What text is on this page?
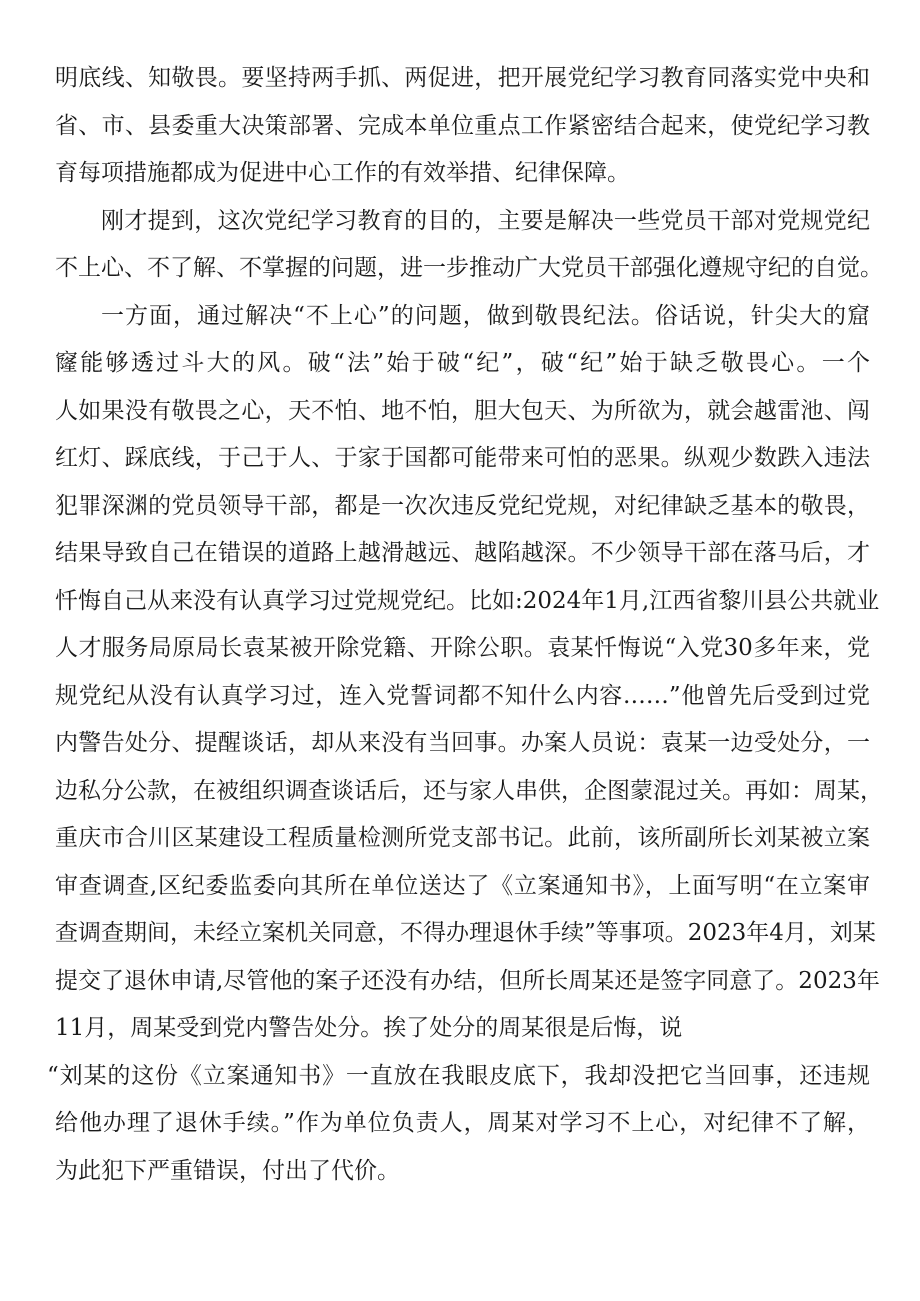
明底线、知敬畏。要坚持两手抓、两促进，把开展党纪学习教育同落实党中央和
省、市、县委重大决策部署、完成本单位重点工作紧密结合起来，使党纪学习教
育每项措施都成为促进中心工作的有效举措、纪律保障。
刚才提到，这次党纪学习教育的目的，主要是解决一些党员干部对党规党纪
不上心、不了解、不掌握的问题，进一步推动广大党员干部强化遵规守纪的自觉。
一方面，通过解决“不上心”的问题，做到敬畏纪法。俗话说，针尖大的窟
窿能够透过斗大的风。破“法”始于破“纪”，破“纪”始于缺乏敬畏心。一个
人如果没有敬畏之心，天不怕、地不怕，胆大包天、为所欲为，就会越雷池、闯
红灯、踩底线，于己于人、于家于国都可能带来可怕的恶果。纵观少数跌入违法
犯罪深渊的党员领导干部，都是一次次违反党纪党规，对纪律缺乏基本的敬畏，
结果导致自己在错误的道路上越滑越远、越陷越深。不少领导干部在落马后，才
忏悔自己从来没有认真学习过党规党纪。比如:2024年1月,江西省黎川县公共就业
人才服务局原局长袁某被开除党籍、开除公职。袁某忏悔说“入党30多年来，党
规党纪从没有认真学习过，连入党誓词都不知什么内容……”他曾先后受到过党
内警告处分、提醒谈话，却从来没有当回事。办案人员说：袁某一边受处分，一
边私分公款，在被组织调查谈话后，还与家人串供，企图蒙混过关。再如：周某，
重庆市合川区某建设工程质量检测所党支部书记。此前，该所副所长刘某被立案
审查调查,区纪委监委向其所在单位送达了《立案通知书》，上面写明“在立案审
查调查期间，未经立案机关同意，不得办理退休手续”等事项。2023年4月，刘某
提交了退休申请,尽管他的案子还没有办结，但所长周某还是签字同意了。2023年
11月，周某受到党内警告处分。挨了处分的周某很是后悔，说
“刘某的这份《立案通知书》一直放在我眼皮底下，我却没把它当回事，还违规
给他办理了退休手续。”作为单位负责人，周某对学习不上心，对纪律不了解，
为此犯下严重错误，付出了代价。
